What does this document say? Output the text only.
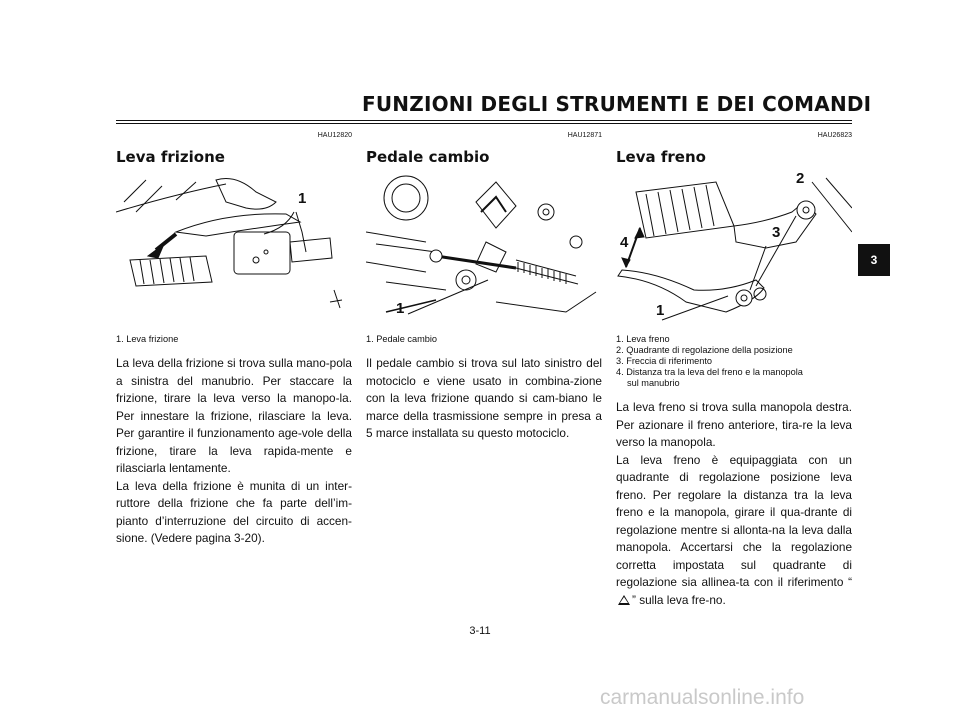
FUNZIONI DEGLI STRUMENTI E DEI COMANDI
3
HAU12820
Leva frizione
1
1. Leva frizione
La leva della frizione si trova sulla mano-pola a sinistra del manubrio. Per staccare la frizione, tirare la leva verso la manopo-la. Per innestare la frizione, rilasciare la leva. Per garantire il funzionamento age-vole della frizione, tirare la leva rapida-mente e rilasciarla lentamente.
La leva della frizione è munita di un inter-ruttore della frizione che fa parte dell’im-pianto d’interruzione del circuito di accen-sione. (Vedere pagina 3-20).
HAU12871
Pedale cambio
1
1. Pedale cambio
Il pedale cambio si trova sul lato sinistro del motociclo e viene usato in combina-zione con la leva frizione quando si cam-biano le marce della trasmissione sempre in presa a 5 marce installata su questo motociclo.
HAU26823
Leva freno
2
3
4
1
1. Leva freno
2. Quadrante di regolazione della posizione
3. Freccia di riferimento
4. Distanza tra la leva del freno e la manopola
sul manubrio
La leva freno si trova sulla manopola destra. Per azionare il freno anteriore, tira-re la leva verso la manopola.
La leva freno è equipaggiata con un quadrante di regolazione posizione leva freno. Per regolare la distanza tra la leva freno e la manopola, girare il qua-drante di regolazione mentre si allonta-na la leva dalla manopola. Accertarsi che la regolazione corretta impostata sul quadrante di regolazione sia allinea-ta con il riferimento “” sulla leva fre-no.
3-11
carmanualsonline.info
